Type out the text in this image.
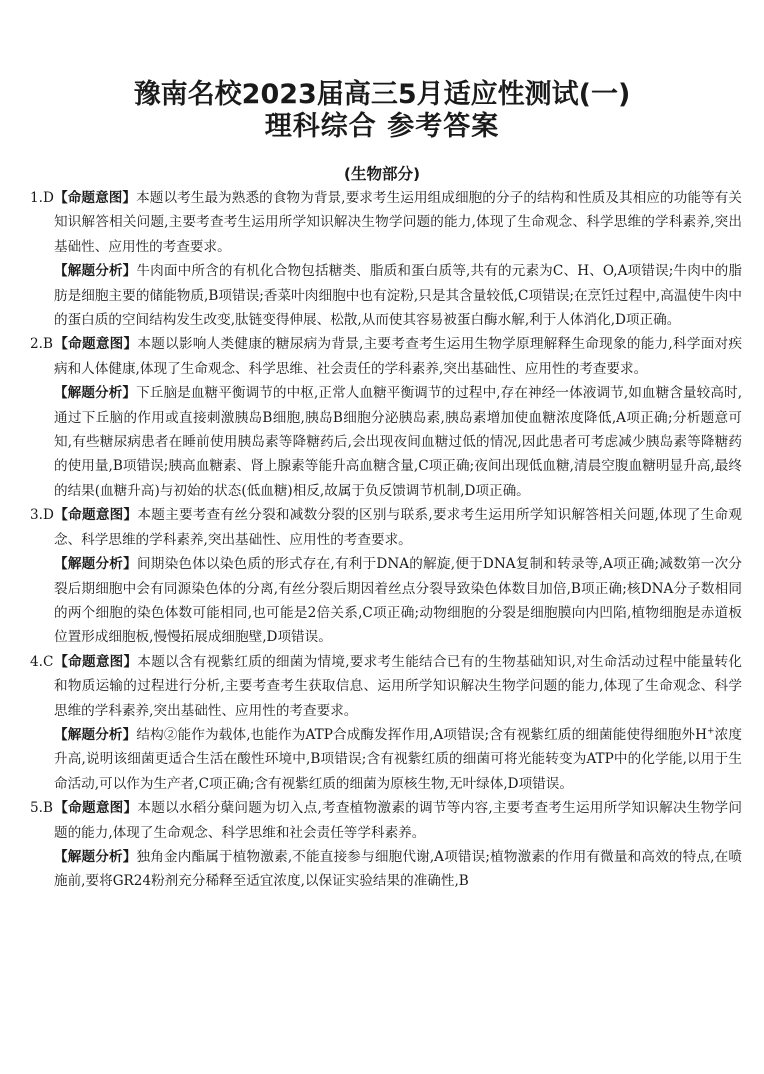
豫南名校2023届高三5月适应性测试(一)
理科综合 参考答案
(生物部分)

1.D【命题意图】本题以考生最为熟悉的食物为背景,要求考生运用组成细胞的分子的结构和性质及其相应的功能等有关知识解答相关问题,主要考查考生运用所学知识解决生物学问题的能力,体现了生命观念、科学思维的学科素养,突出基础性、应用性的考查要求。

【解题分析】牛肉面中所含的有机化合物包括糖类、脂质和蛋白质等,共有的元素为C、H、O,A项错误;牛肉中的脂肪是细胞主要的储能物质,B项错误;香菜叶肉细胞中也有淀粉,只是其含量较低,C项错误;在烹饪过程中,高温使牛肉中的蛋白质的空间结构发生改变,肽链变得伸展、松散,从而使其容易被蛋白酶水解,利于人体消化,D项正确。

2.B【命题意图】本题以影响人类健康的糖尿病为背景,主要考查考生运用生物学原理解释生命现象的能力,科学面对疾病和人体健康,体现了生命观念、科学思维、社会责任的学科素养,突出基础性、应用性的考查要求。

【解题分析】下丘脑是血糖平衡调节的中枢,正常人血糖平衡调节的过程中,存在神经一体液调节,如血糖含量较高时,通过下丘脑的作用或直接刺激胰岛B细胞,胰岛B细胞分泌胰岛素,胰岛素增加使血糖浓度降低,A项正确;分析题意可知,有些糖尿病患者在睡前使用胰岛素等降糖药后,会出现夜间血糖过低的情况,因此患者可考虑减少胰岛素等降糖药的使用量,B项错误;胰高血糖素、肾上腺素等能升高血糖含量,C项正确;夜间出现低血糖,清晨空腹血糖明显升高,最终的结果(血糖升高)与初始的状态(低血糖)相反,故属于负反馈调节机制,D项正确。

3.D【命题意图】本题主要考查有丝分裂和减数分裂的区别与联系,要求考生运用所学知识解答相关问题,体现了生命观念、科学思维的学科素养,突出基础性、应用性的考查要求。

【解题分析】间期染色体以染色质的形式存在,有利于DNA的解旋,便于DNA复制和转录等,A项正确;减数第一次分裂后期细胞中会有同源染色体的分离,有丝分裂后期因着丝点分裂导致染色体数目加倍,B项正确;核DNA分子数相同的两个细胞的染色体数可能相同,也可能是2倍关系,C项正确;动物细胞的分裂是细胞膜向内凹陷,植物细胞是赤道板位置形成细胞板,慢慢拓展成细胞壁,D项错误。

4.C【命题意图】本题以含有视紫红质的细菌为情境,要求考生能结合已有的生物基础知识,对生命活动过程中能量转化和物质运输的过程进行分析,主要考查考生获取信息、运用所学知识解决生物学问题的能力,体现了生命观念、科学思维的学科素养,突出基础性、应用性的考查要求。

【解题分析】结构②能作为载体,也能作为ATP合成酶发挥作用,A项错误;含有视紫红质的细菌能使得细胞外H+浓度升高,说明该细菌更适合生活在酸性环境中,B项错误;含有视紫红质的细菌可将光能转变为ATP中的化学能,以用于生命活动,可以作为生产者,C项正确;含有视紫红质的细菌为原核生物,无叶绿体,D项错误。

5.B【命题意图】本题以水稻分蘖问题为切入点,考查植物激素的调节等内容,主要考查考生运用所学知识解决生物学问题的能力,体现了生命观念、科学思维和社会责任等学科素养。

【解题分析】独角金内酯属于植物激素,不能直接参与细胞代谢,A项错误;植物激素的作用有微量和高效的特点,在喷施前,要将GR24粉剂充分稀释至适宜浓度,以保证实验结果的准确性,B
